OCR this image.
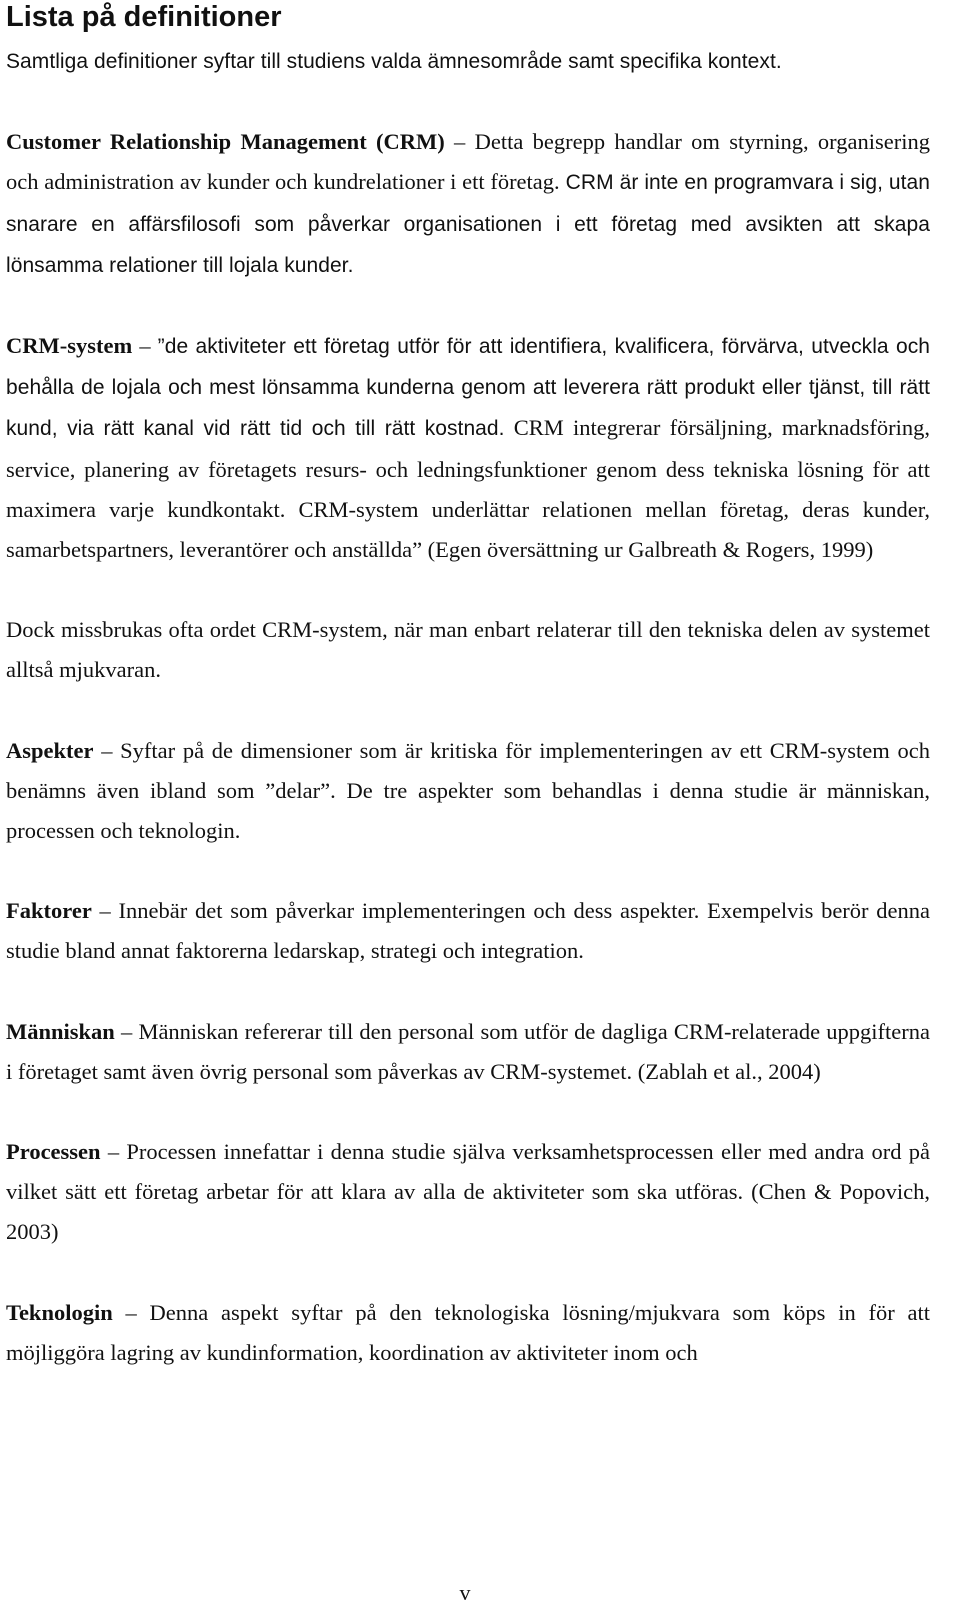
Lista på definitioner

Samtliga definitioner syftar till studiens valda ämnesområde samt specifika kontext.

Customer Relationship Management (CRM) – Detta begrepp handlar om styrning, organisering och administration av kunder och kundrelationer i ett företag. CRM är inte en programvara i sig, utan snarare en affärsfilosofi som påverkar organisationen i ett företag med avsikten att skapa lönsamma relationer till lojala kunder.

CRM-system – ”de aktiviteter ett företag utför för att identifiera, kvalificera, förvärva, utveckla och behålla de lojala och mest lönsamma kunderna genom att leverera rätt produkt eller tjänst, till rätt kund, via rätt kanal vid rätt tid och till rätt kostnad. CRM integrerar försäljning, marknadsföring, service, planering av företagets resurs- och ledningsfunktioner genom dess tekniska lösning för att maximera varje kundkontakt. CRM-system underlättar relationen mellan företag, deras kunder, samarbetspartners, leverantörer och anställda” (Egen översättning ur Galbreath & Rogers, 1999)

Dock missbrukas ofta ordet CRM-system, när man enbart relaterar till den tekniska delen av systemet alltså mjukvaran.

Aspekter – Syftar på de dimensioner som är kritiska för implementeringen av ett CRM-system och benämns även ibland som ”delar”. De tre aspekter som behandlas i denna studie är människan, processen och teknologin.

Faktorer – Innebär det som påverkar implementeringen och dess aspekter. Exempelvis berör denna studie bland annat faktorerna ledarskap, strategi och integration.

Människan – Människan refererar till den personal som utför de dagliga CRM-relaterade uppgifterna i företaget samt även övrig personal som påverkas av CRM-systemet. (Zablah et al., 2004)

Processen – Processen innefattar i denna studie själva verksamhetsprocessen eller med andra ord på vilket sätt ett företag arbetar för att klara av alla de aktiviteter som ska utföras. (Chen & Popovich, 2003)

Teknologin – Denna aspekt syftar på den teknologiska lösning/mjukvara som köps in för att möjliggöra lagring av kundinformation, koordination av aktiviteter inom och

v
